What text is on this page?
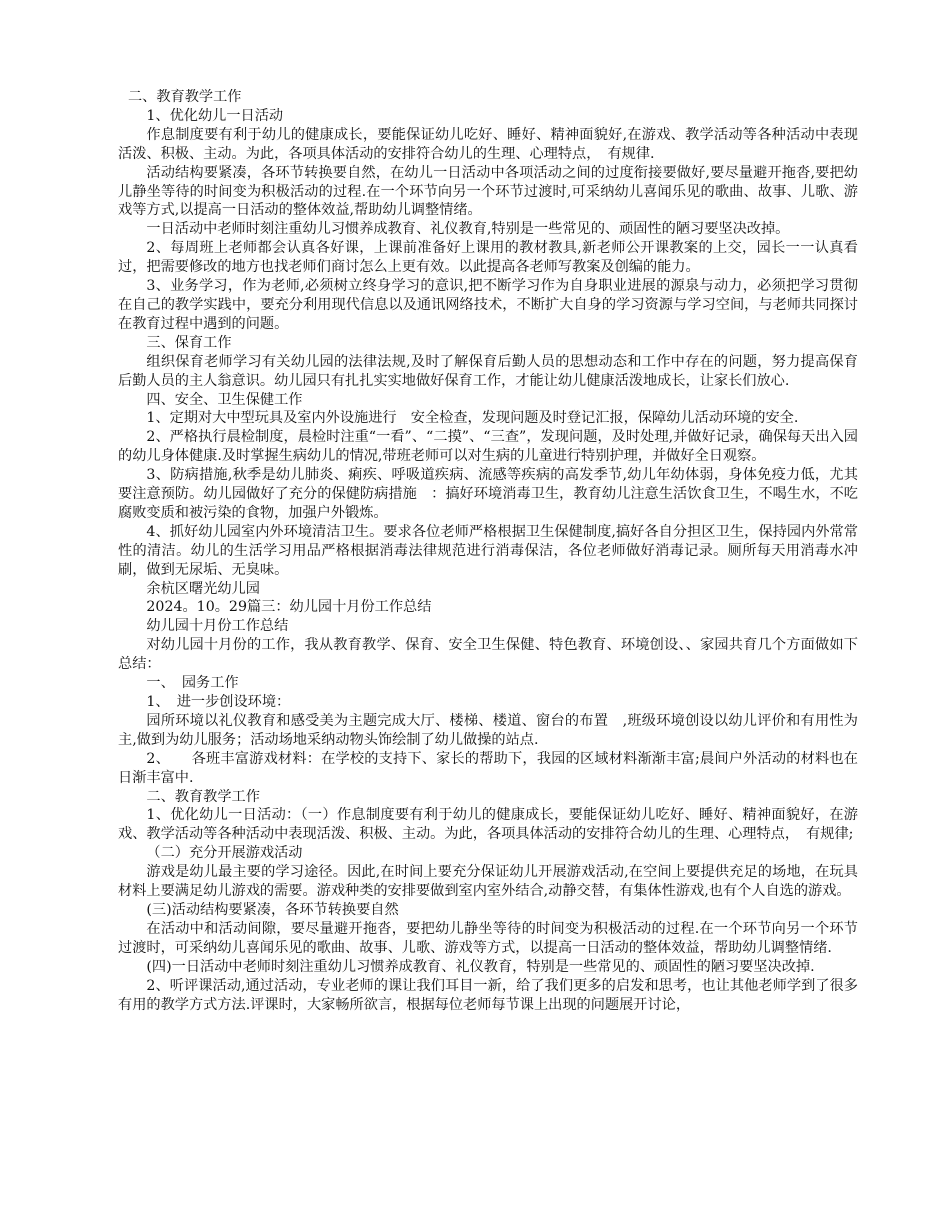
二、教育教学工作

1、优化幼儿一日活动

作息制度要有利于幼儿的健康成长，要能保证幼儿吃好、睡好、精神面貌好,在游戏、教学活动等各种活动中表现活泼、积极、主动。为此，各项具体活动的安排符合幼儿的生理、心理特点，　有规律.

活动结构要紧凑，各环节转换要自然，在幼儿一日活动中各项活动之间的过度衔接要做好,要尽量避开拖沓,要把幼儿静坐等待的时间变为积极活动的过程.在一个环节向另一个环节过渡时,可采纳幼儿喜闻乐见的歌曲、故事、儿歌、游戏等方式,以提高一日活动的整体效益,帮助幼儿调整情绪。

一日活动中老师时刻注重幼儿习惯养成教育、礼仪教育,特别是一些常见的、顽固性的陋习要坚决改掉。

2、每周班上老师都会认真各好课，上课前准备好上课用的教材教具,新老师公开课教案的上交，园长一一认真看过，把需要修改的地方也找老师们商讨怎么上更有效。以此提高各老师写教案及创编的能力。

3、业务学习，作为老师,必须树立终身学习的意识,把不断学习作为自身职业进展的源泉与动力，必须把学习贯彻在自己的教学实践中，要充分利用现代信息以及通讯网络技术，不断扩大自身的学习资源与学习空间，与老师共同探讨在教育过程中遇到的问题。

三、保育工作

组织保育老师学习有关幼儿园的法律法规,及时了解保育后勤人员的思想动态和工作中存在的问题，努力提高保育后勤人员的主人翁意识。幼儿园只有扎扎实实地做好保育工作，才能让幼儿健康活泼地成长，让家长们放心.

四、安全、卫生保健工作

1、定期对大中型玩具及室内外设施进行　安全检查，发现问题及时登记汇报，保障幼儿活动环境的安全.

2、严格执行晨检制度，晨检时注重“一看”、“二摸”、“三查”，发现问题，及时处理,并做好记录，确保每天出入园的幼儿身体健康.及时掌握生病幼儿的情况,带班老师可以对生病的儿童进行特别护理，并做好全日观察。

3、防病措施,秋季是幼儿肺炎、痢疾、呼吸道疾病、流感等疾病的高发季节,幼儿年幼体弱，身体免疫力低，尤其要注意预防。幼儿园做好了充分的保健防病措施　：搞好环境消毒卫生，教育幼儿注意生活饮食卫生，不喝生水，不吃腐败变质和被污染的食物，加强户外锻炼。

4、抓好幼儿园室内外环境清洁卫生。要求各位老师严格根据卫生保健制度,搞好各自分担区卫生，保持园内外常常性的清洁。幼儿的生活学习用品严格根据消毒法律规范进行消毒保洁，各位老师做好消毒记录。厕所每天用消毒水冲刷，做到无尿垢、无臭味。

余杭区曙光幼儿园

2024。10。29篇三：幼儿园十月份工作总结

幼儿园十月份工作总结

对幼儿园十月份的工作，我从教育教学、保育、安全卫生保健、特色教育、环境创设、、家园共育几个方面做如下总结：

一、　园务工作

1、　进一步创设环境：

园所环境以礼仪教育和感受美为主题完成大厅、楼梯、楼道、窗台的布置　,班级环境创设以幼儿评价和有用性为主,做到为幼儿服务；活动场地采纳动物头饰绘制了幼儿做操的站点.

2、　　各班丰富游戏材料：在学校的支持下、家长的帮助下，我园的区域材料渐渐丰富;晨间户外活动的材料也在日渐丰富中.

二、教育教学工作

1、优化幼儿一日活动：（一）作息制度要有利于幼儿的健康成长，要能保证幼儿吃好、睡好、精神面貌好，在游戏、教学活动等各种活动中表现活泼、积极、主动。为此，各项具体活动的安排符合幼儿的生理、心理特点，　有规律;

（二）充分开展游戏活动

游戏是幼儿最主要的学习途径。因此,在时间上要充分保证幼儿开展游戏活动,在空间上要提供充足的场地，在玩具材料上要满足幼儿游戏的需要。游戏种类的安排要做到室内室外结合,动静交替，有集体性游戏,也有个人自选的游戏。

(三)活动结构要紧凑，各环节转换要自然

在活动中和活动间隙，要尽量避开拖沓，要把幼儿静坐等待的时间变为积极活动的过程.在一个环节向另一个环节过渡时，可采纳幼儿喜闻乐见的歌曲、故事、儿歌、游戏等方式，以提高一日活动的整体效益，帮助幼儿调整情绪.

(四)一日活动中老师时刻注重幼儿习惯养成教育、礼仪教育，特别是一些常见的、顽固性的陋习要坚决改掉.

2、听评课活动,通过活动，专业老师的课让我们耳目一新，给了我们更多的启发和思考，也让其他老师学到了很多有用的教学方式方法.评课时，大家畅所欲言，根据每位老师每节课上出现的问题展开讨论，
